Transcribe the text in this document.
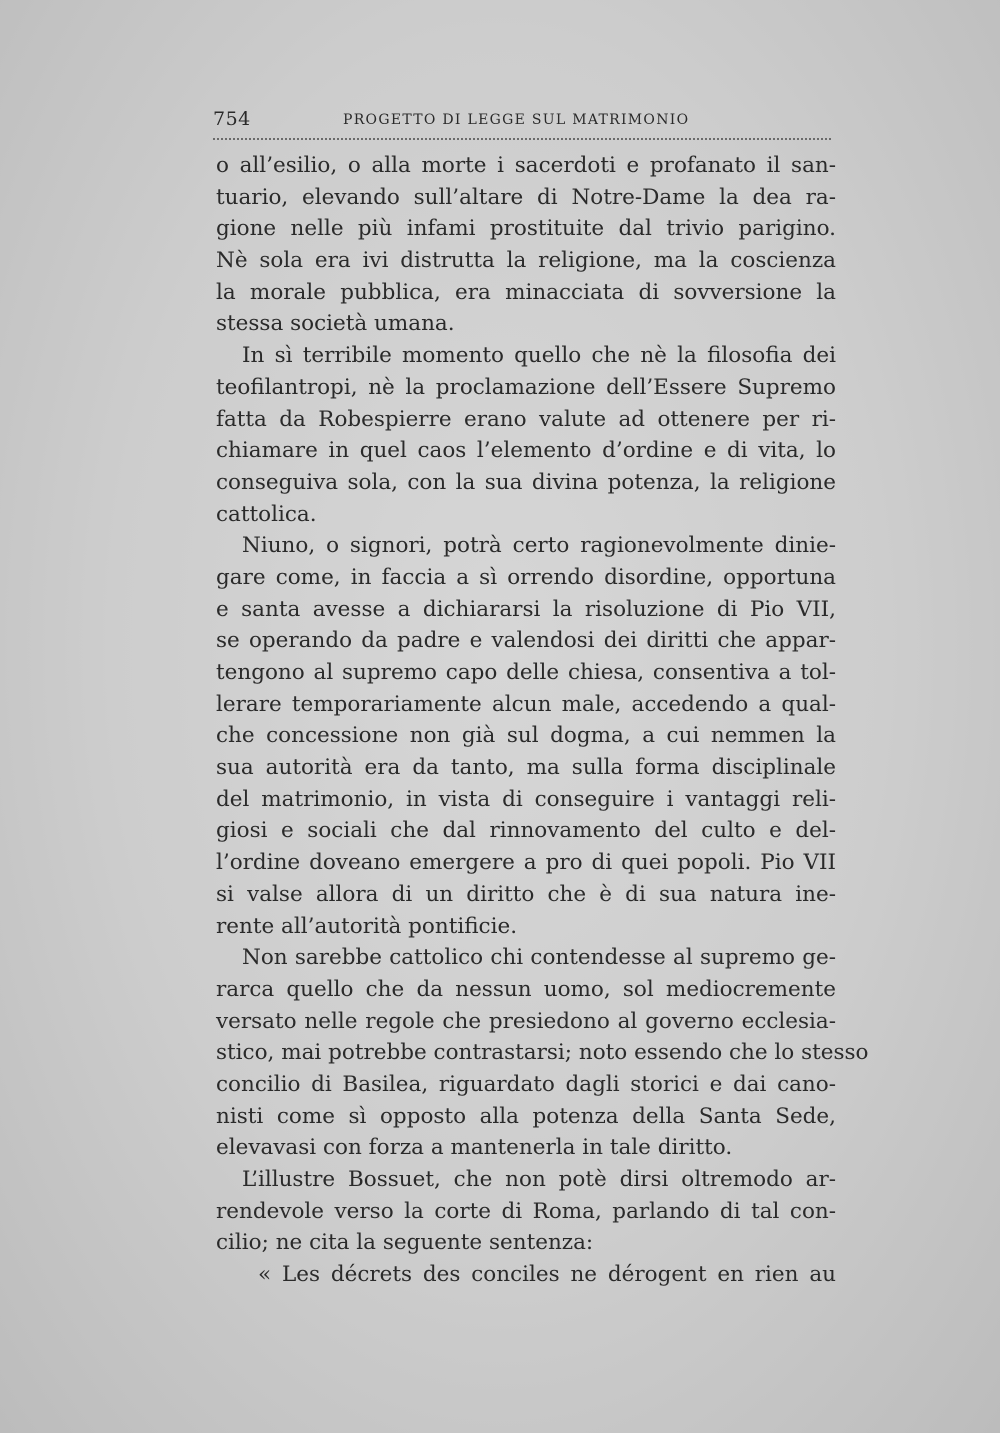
754	PROGETTO DI LEGGE SUL MATRIMONIO
o all’esilio, o alla morte i sacerdoti e profanato il san-
tuario, elevando sull’altare di Notre-Dame la dea ra-
gione nelle più infami prostituite dal trivio parigino.
Nè sola era ivi distrutta la religione, ma la coscienza
la morale pubblica, era minacciata di sovversione la
stessa società umana.
In sì terribile momento quello che nè la filosofia dei
teofilantropi, nè la proclamazione dell’Essere Supremo
fatta da Robespierre erano valute ad ottenere per ri-
chiamare in quel caos l’elemento d’ordine e di vita, lo
conseguiva sola, con la sua divina potenza, la religione
cattolica.
Niuno, o signori, potrà certo ragionevolmente dinie-
gare come, in faccia a sì orrendo disordine, opportuna
e santa avesse a dichiararsi la risoluzione di Pio VII,
se operando da padre e valendosi dei diritti che appar-
tengono al supremo capo delle chiesa, consentiva a tol-
lerare temporariamente alcun male, accedendo a qual-
che concessione non già sul dogma, a cui nemmen la
sua autorità era da tanto, ma sulla forma disciplinale
del matrimonio, in vista di conseguire i vantaggi reli-
giosi e sociali che dal rinnovamento del culto e del-
l’ordine doveano emergere a pro di quei popoli. Pio VII
si valse allora di un diritto che è di sua natura ine-
rente all’autorità pontificie.
Non sarebbe cattolico chi contendesse al supremo ge-
rarca quello che da nessun uomo, sol mediocremente
versato nelle regole che presiedono al governo ecclesia-
stico, mai potrebbe contrastarsi; noto essendo che lo stesso
concilio di Basilea, riguardato dagli storici e dai cano-
nisti come sì opposto alla potenza della Santa Sede,
elevavasi con forza a mantenerla in tale diritto.
L’illustre Bossuet, che non potè dirsi oltremodo ar-
rendevole verso la corte di Roma, parlando di tal con-
cilio; ne cita la seguente sentenza:
« Les décrets des conciles ne dérogent en rien au
